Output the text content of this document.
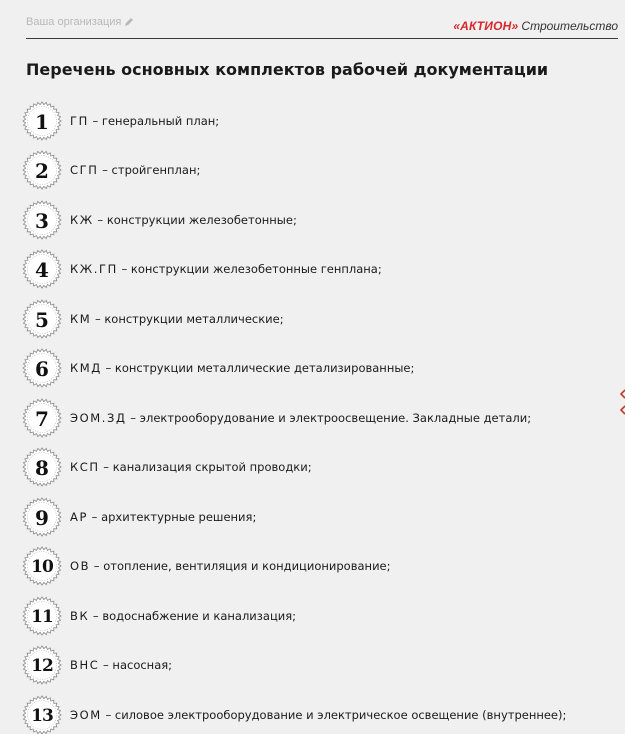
Ваша организация	«АКТИОН» Строительство
Перечень основных комплектов рабочей документации
1	ГП – генеральный план;
2	СГП – стройгенплан;
3	КЖ – конструкции железобетонные;
4	КЖ.ГП – конструкции железобетонные генплана;
5	КМ – конструкции металлические;
6	КМД – конструкции металлические детализированные;
7	ЭОМ.ЗД – электрооборудование и электроосвещение. Закладные детали;
8	КСП – канализация скрытой проводки;
9	АР – архитектурные решения;
10	ОВ – отопление, вентиляция и кондиционирование;
11	ВК – водоснабжение и канализация;
12	ВНС – насосная;
13	ЭОМ – силовое электрооборудование и электрическое освещение (внутреннее);
